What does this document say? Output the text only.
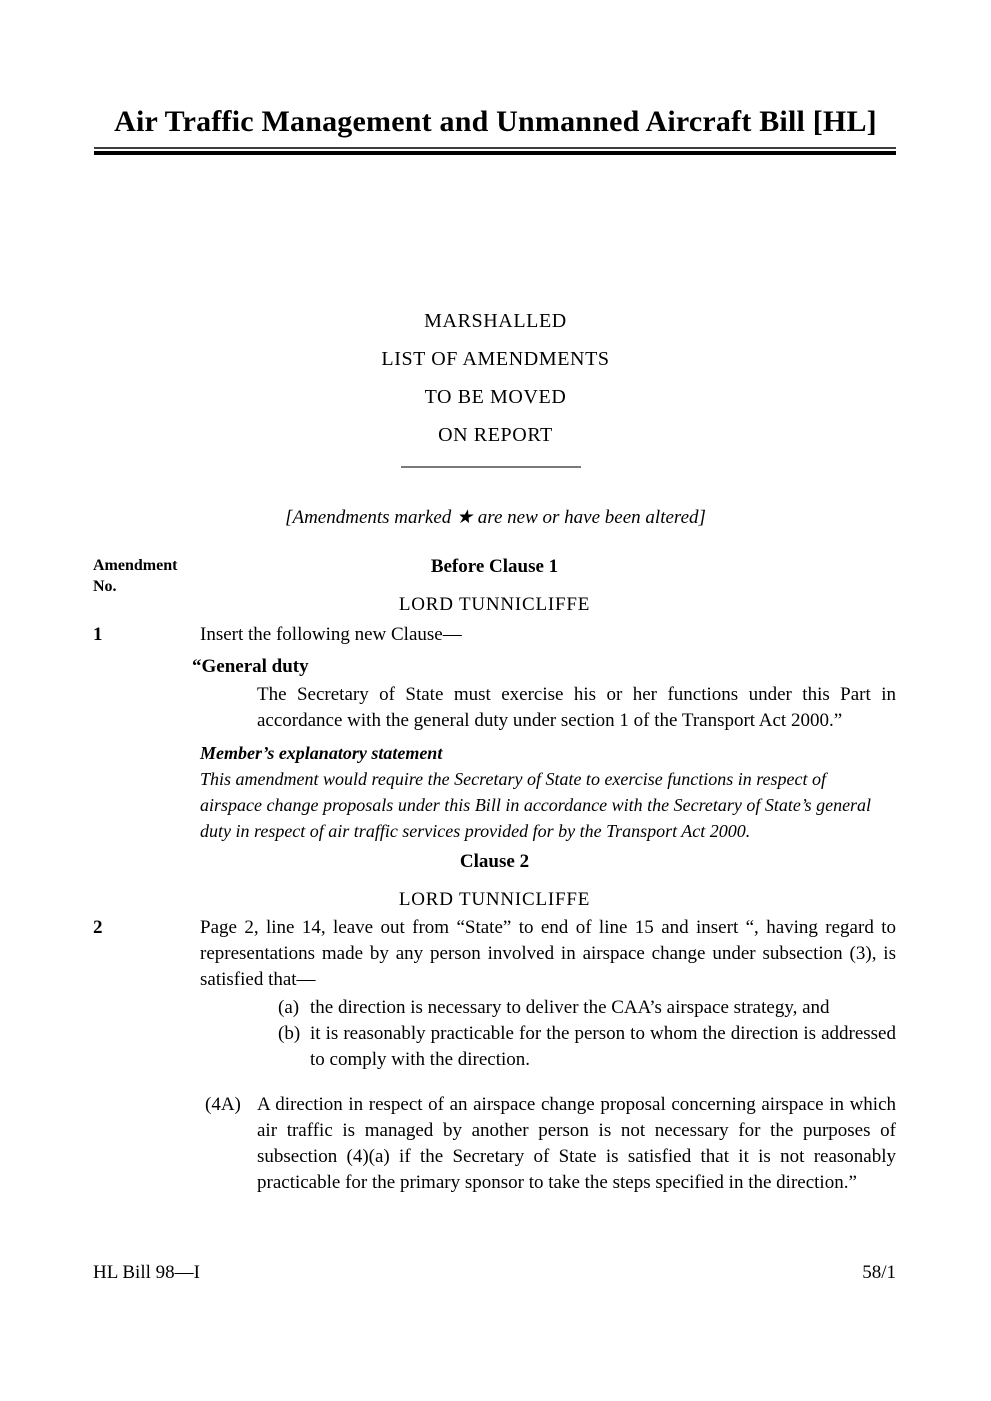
Air Traffic Management and Unmanned Aircraft Bill [HL]
MARSHALLED
LIST OF AMENDMENTS
TO BE MOVED
ON REPORT
[Amendments marked ★ are new or have been altered]
Amendment
No.
Before Clause 1
LORD TUNNICLIFFE
1	Insert the following new Clause—
“General duty
The Secretary of State must exercise his or her functions under this Part in accordance with the general duty under section 1 of the Transport Act 2000.”
Member’s explanatory statement
This amendment would require the Secretary of State to exercise functions in respect of airspace change proposals under this Bill in accordance with the Secretary of State’s general duty in respect of air traffic services provided for by the Transport Act 2000.
Clause 2
LORD TUNNICLIFFE
2	Page 2, line 14, leave out from “State” to end of line 15 and insert “, having regard to representations made by any person involved in airspace change under subsection (3), is satisfied that—
(a) the direction is necessary to deliver the CAA’s airspace strategy, and
(b) it is reasonably practicable for the person to whom the direction is addressed to comply with the direction.
(4A) A direction in respect of an airspace change proposal concerning airspace in which air traffic is managed by another person is not necessary for the purposes of subsection (4)(a) if the Secretary of State is satisfied that it is not reasonably practicable for the primary sponsor to take the steps specified in the direction.”
HL Bill 98—I	58/1
